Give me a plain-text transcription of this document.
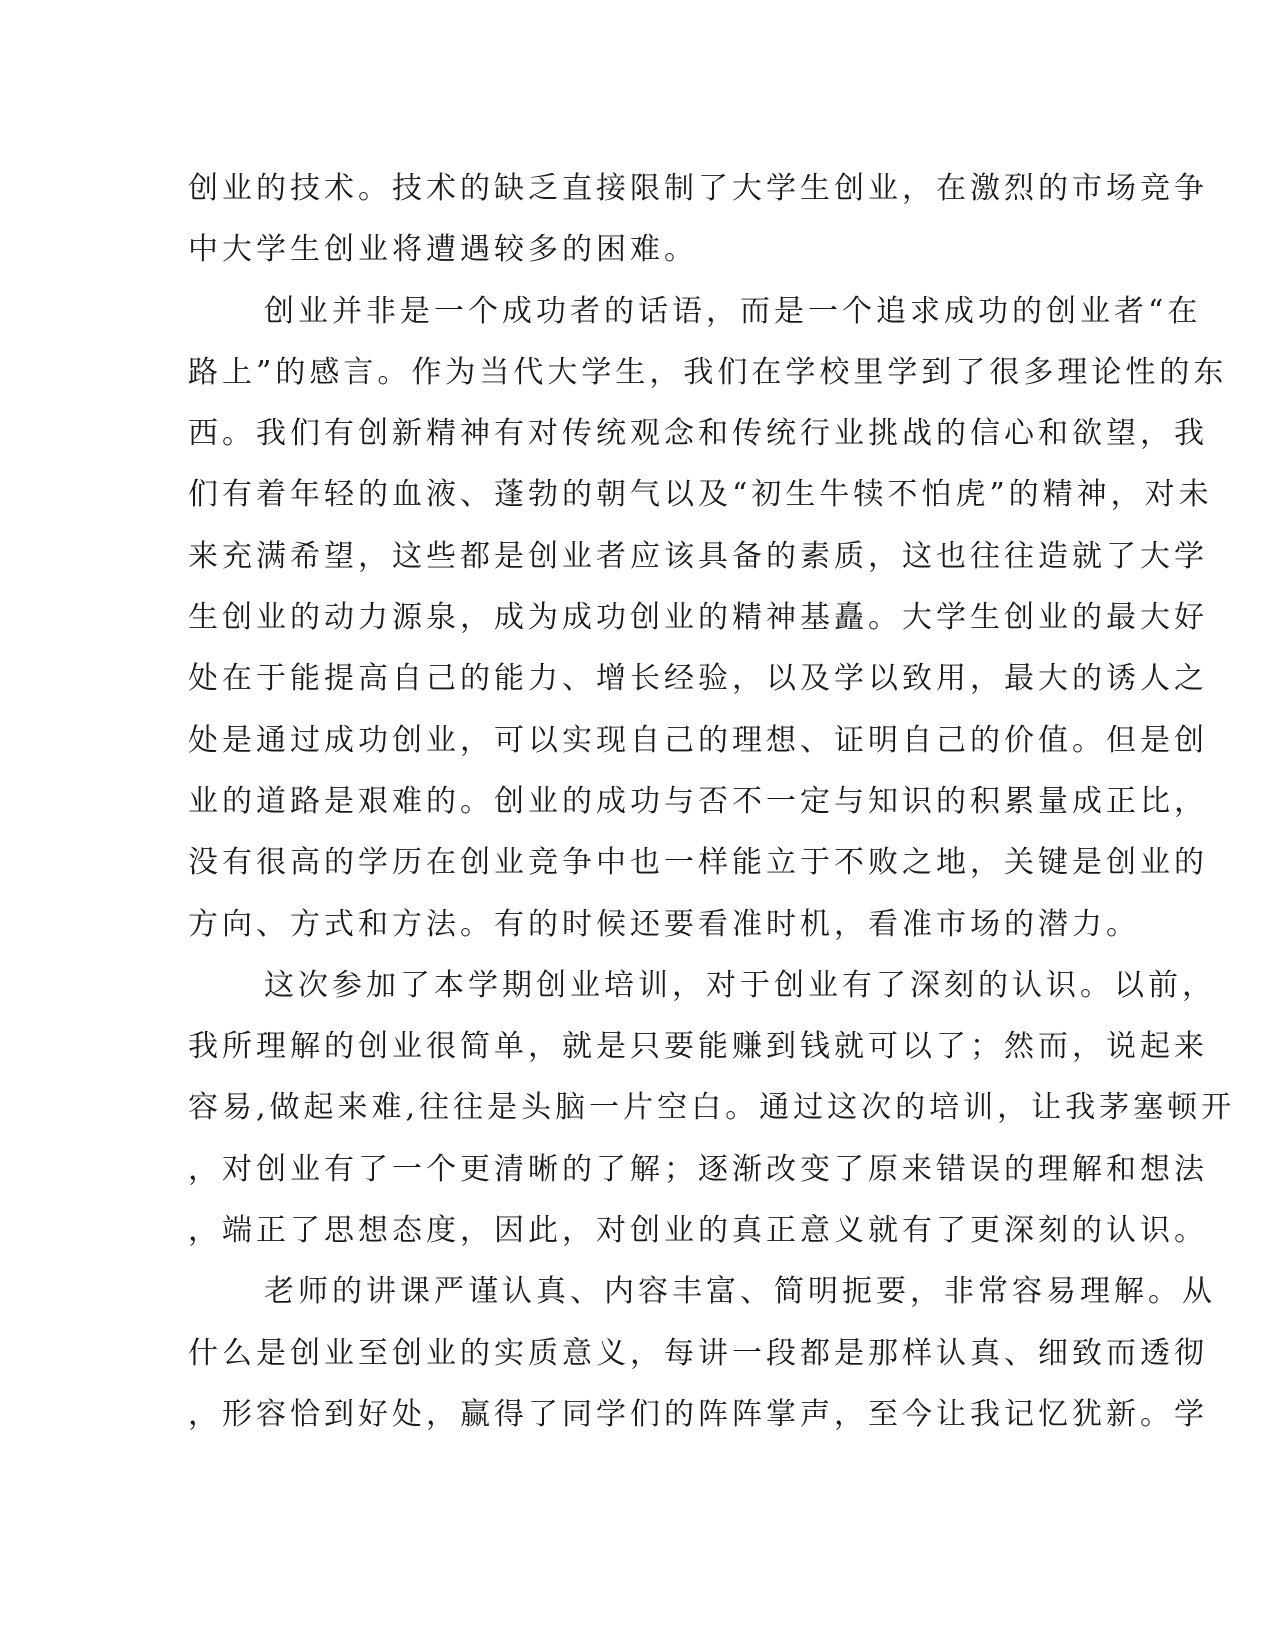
创业的技术。技术的缺乏直接限制了大学生创业，在激烈的市场竞争
中大学生创业将遭遇较多的困难。
创业并非是一个成功者的话语，而是一个追求成功的创业者“在
路上”的感言。作为当代大学生，我们在学校里学到了很多理论性的东
西。我们有创新精神有对传统观念和传统行业挑战的信心和欲望，我
们有着年轻的血液、蓬勃的朝气以及“初生牛犊不怕虎”的精神，对未
来充满希望，这些都是创业者应该具备的素质，这也往往造就了大学
生创业的动力源泉，成为成功创业的精神基矗。大学生创业的最大好
处在于能提高自己的能力、增长经验，以及学以致用，最大的诱人之
处是通过成功创业，可以实现自己的理想、证明自己的价值。但是创
业的道路是艰难的。创业的成功与否不一定与知识的积累量成正比，
没有很高的学历在创业竞争中也一样能立于不败之地，关键是创业的
方向、方式和方法。有的时候还要看准时机，看准市场的潜力。
这次参加了本学期创业培训，对于创业有了深刻的认识。以前，
我所理解的创业很简单，就是只要能赚到钱就可以了；然而，说起来
容易,做起来难,往往是头脑一片空白。通过这次的培训，让我茅塞顿开
，对创业有了一个更清晰的了解；逐渐改变了原来错误的理解和想法
，端正了思想态度，因此，对创业的真正意义就有了更深刻的认识。
老师的讲课严谨认真、内容丰富、简明扼要，非常容易理解。从
什么是创业至创业的实质意义，每讲一段都是那样认真、细致而透彻
，形容恰到好处，赢得了同学们的阵阵掌声，至今让我记忆犹新。学
